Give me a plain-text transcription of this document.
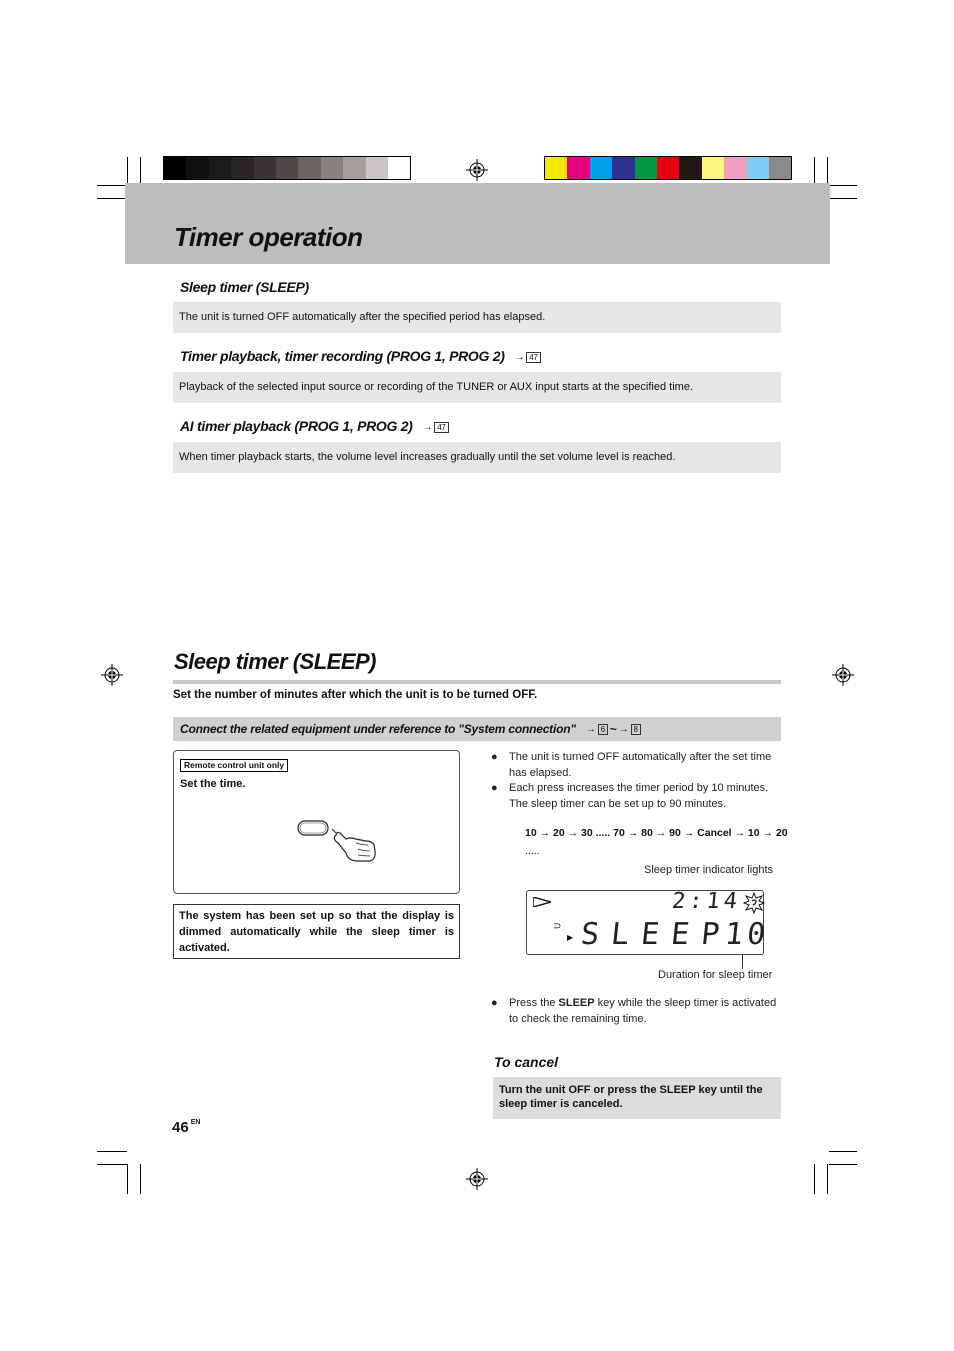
Timer operation
Sleep timer (SLEEP)
The unit is turned OFF automatically after the specified period has elapsed.
Timer playback, timer recording (PROG 1, PROG 2) → 47
Playback of the selected input source or recording of the TUNER or AUX input starts at the specified time.
AI timer playback (PROG 1, PROG 2) → 47
When timer playback starts, the volume level increases gradually until the set volume level is reached.
Sleep timer (SLEEP)
Set the number of minutes after which the unit is to be turned OFF.
Connect the related equipment under reference to "System connection" → 6 ~ → 8
Remote control unit only
Set the time.
The system has been set up so that the display is dimmed automatically while the sleep timer is activated.
● The unit is turned OFF automatically after the set time has elapsed.
● Each press increases the timer period by 10 minutes. The sleep timer can be set up to 90 minutes.
10 → 20 → 30 ..... 70 → 80 → 90 → Cancel → 10 → 20
.....
Sleep timer indicator lights
2:14
⊃
▶ SLEEP
10
Duration for sleep timer
● Press the SLEEP key while the sleep timer is activated to check the remaining time.
To cancel
Turn the unit OFF or press the SLEEP key until the sleep timer is canceled.
46 $^{EN}$
